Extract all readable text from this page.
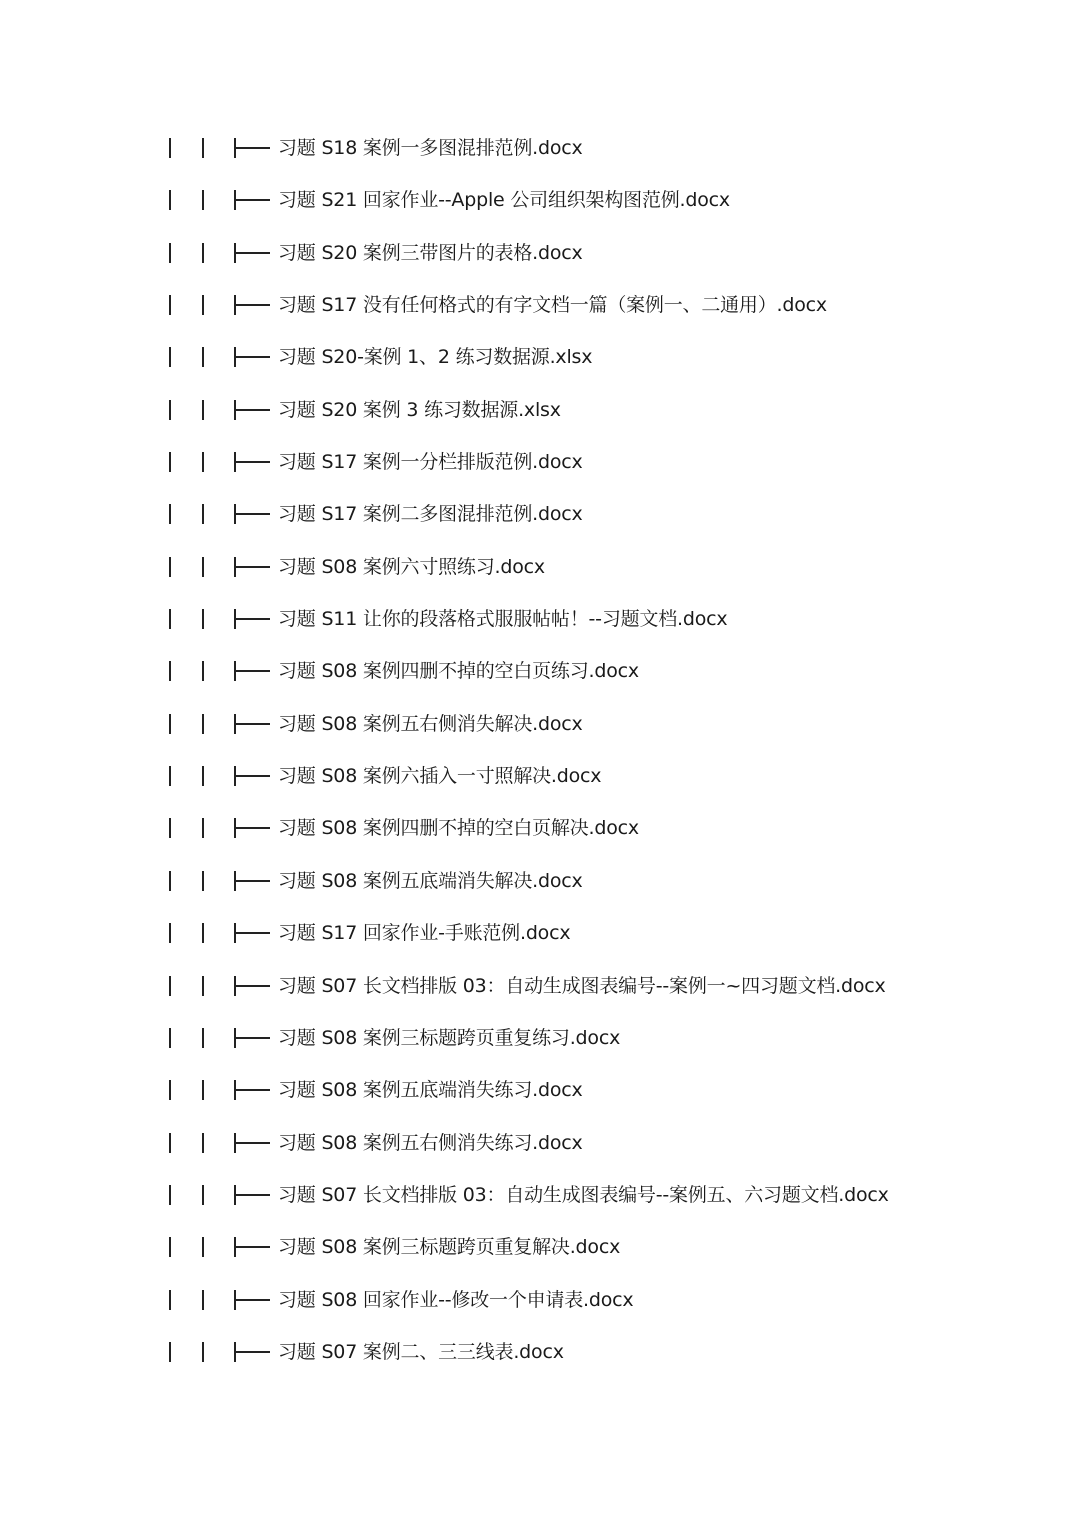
习题 S18 案例一多图混排范例.docx
习题 S21 回家作业--Apple 公司组织架构图范例.docx
习题 S20 案例三带图片的表格.docx
习题 S17 没有任何格式的有字文档一篇（案例一、二通用）.docx
习题 S20-案例 1、2 练习数据源.xlsx
习题 S20 案例 3 练习数据源.xlsx
习题 S17 案例一分栏排版范例.docx
习题 S17 案例二多图混排范例.docx
习题 S08 案例六寸照练习.docx
习题 S11 让你的段落格式服服帖帖！--习题文档.docx
习题 S08 案例四删不掉的空白页练习.docx
习题 S08 案例五右侧消失解决.docx
习题 S08 案例六插入一寸照解决.docx
习题 S08 案例四删不掉的空白页解决.docx
习题 S08 案例五底端消失解决.docx
习题 S17 回家作业-手账范例.docx
习题 S07 长文档排版 03：自动生成图表编号--案例一~四习题文档.docx
习题 S08 案例三标题跨页重复练习.docx
习题 S08 案例五底端消失练习.docx
习题 S08 案例五右侧消失练习.docx
习题 S07 长文档排版 03：自动生成图表编号--案例五、六习题文档.docx
习题 S08 案例三标题跨页重复解决.docx
习题 S08 回家作业--修改一个申请表.docx
习题 S07 案例二、三三线表.docx
